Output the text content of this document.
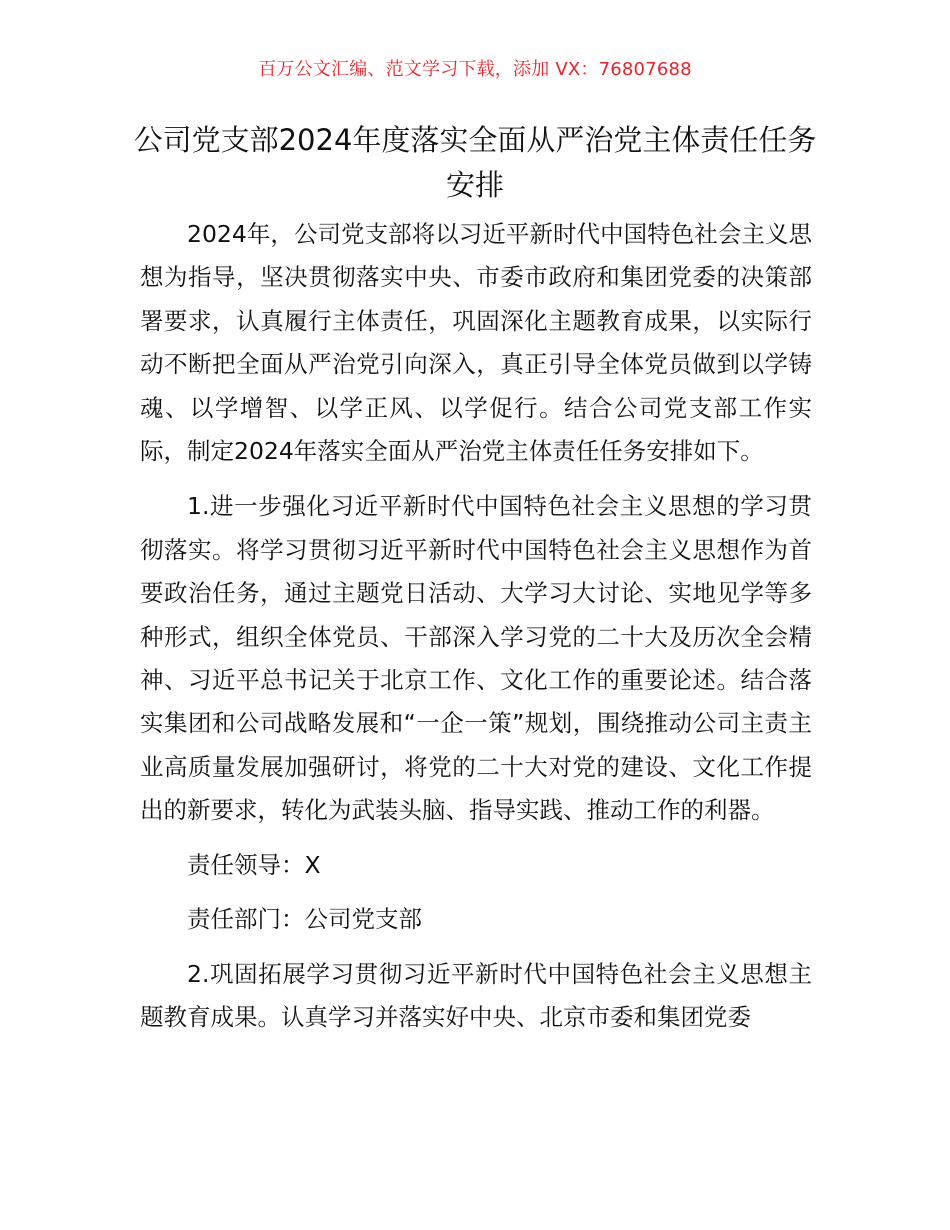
百万公文汇编、范文学习下载，添加 VX：76807688
公司党支部2024年度落实全面从严治党主体责任任务安排

2024年，公司党支部将以习近平新时代中国特色社会主义思想为指导，坚决贯彻落实中央、市委市政府和集团党委的决策部署要求，认真履行主体责任，巩固深化主题教育成果，以实际行动不断把全面从严治党引向深入，真正引导全体党员做到以学铸魂、以学增智、以学正风、以学促行。结合公司党支部工作实际，制定2024年落实全面从严治党主体责任任务安排如下。

1.进一步强化习近平新时代中国特色社会主义思想的学习贯彻落实。将学习贯彻习近平新时代中国特色社会主义思想作为首要政治任务，通过主题党日活动、大学习大讨论、实地见学等多种形式，组织全体党员、干部深入学习党的二十大及历次全会精神、习近平总书记关于北京工作、文化工作的重要论述。结合落实集团和公司战略发展和“一企一策”规划，围绕推动公司主责主业高质量发展加强研讨，将党的二十大对党的建设、文化工作提出的新要求，转化为武装头脑、指导实践、推动工作的利器。

责任领导：X

责任部门：公司党支部

2.巩固拓展学习贯彻习近平新时代中国特色社会主义思想主题教育成果。认真学习并落实好中央、北京市委和集团党委
